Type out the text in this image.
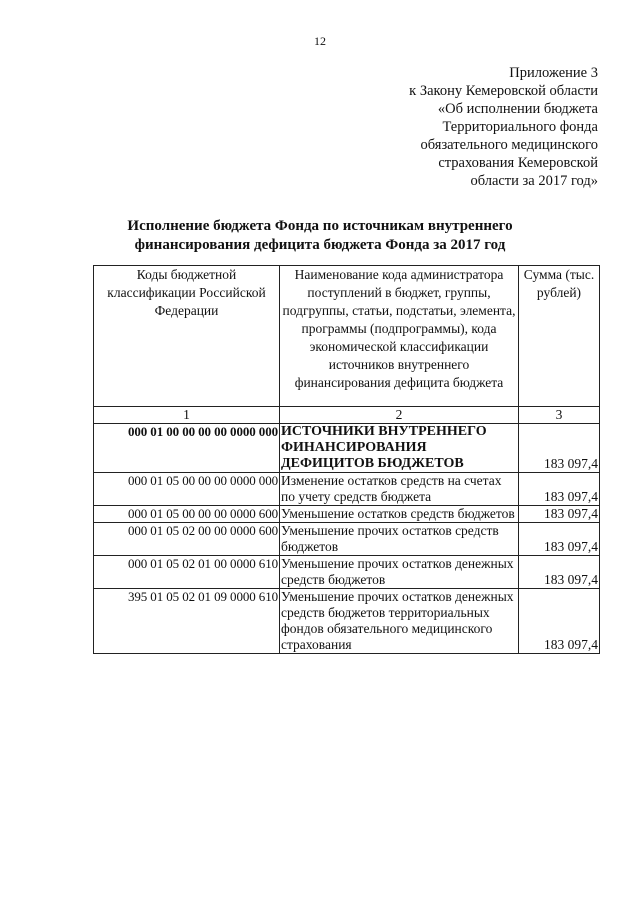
12
Приложение 3
к Закону Кемеровской области
«Об исполнении бюджета
Территориального фонда
обязательного медицинского
страхования Кемеровской
области за 2017 год»
Исполнение бюджета Фонда по источникам внутреннего
финансирования дефицита бюджета Фонда за 2017 год
Коды бюджетной классификации Российской Федерации	Наименование кода администратора поступлений в бюджет, группы, подгруппы, статьи, подстатьи, элемента, программы (подпрограммы), кода экономической классификации источников внутреннего финансирования дефицита бюджета	Сумма (тыс. рублей)
1	2	3
000 01 00 00 00 00 0000 000	ИСТОЧНИКИ ВНУТРЕННЕГО ФИНАНСИРОВАНИЯ ДЕФИЦИТОВ БЮДЖЕТОВ	183 097,4
000 01 05 00 00 00 0000 000	Изменение остатков средств на счетах по учету средств бюджета	183 097,4
000 01 05 00 00 00 0000 600	Уменьшение остатков средств бюджетов	183 097,4
000 01 05 02 00 00 0000 600	Уменьшение прочих остатков средств бюджетов	183 097,4
000 01 05 02 01 00 0000 610	Уменьшение прочих остатков денежных средств бюджетов	183 097,4
395 01 05 02 01 09 0000 610	Уменьшение прочих остатков денежных средств бюджетов территориальных фондов обязательного медицинского страхования	183 097,4
